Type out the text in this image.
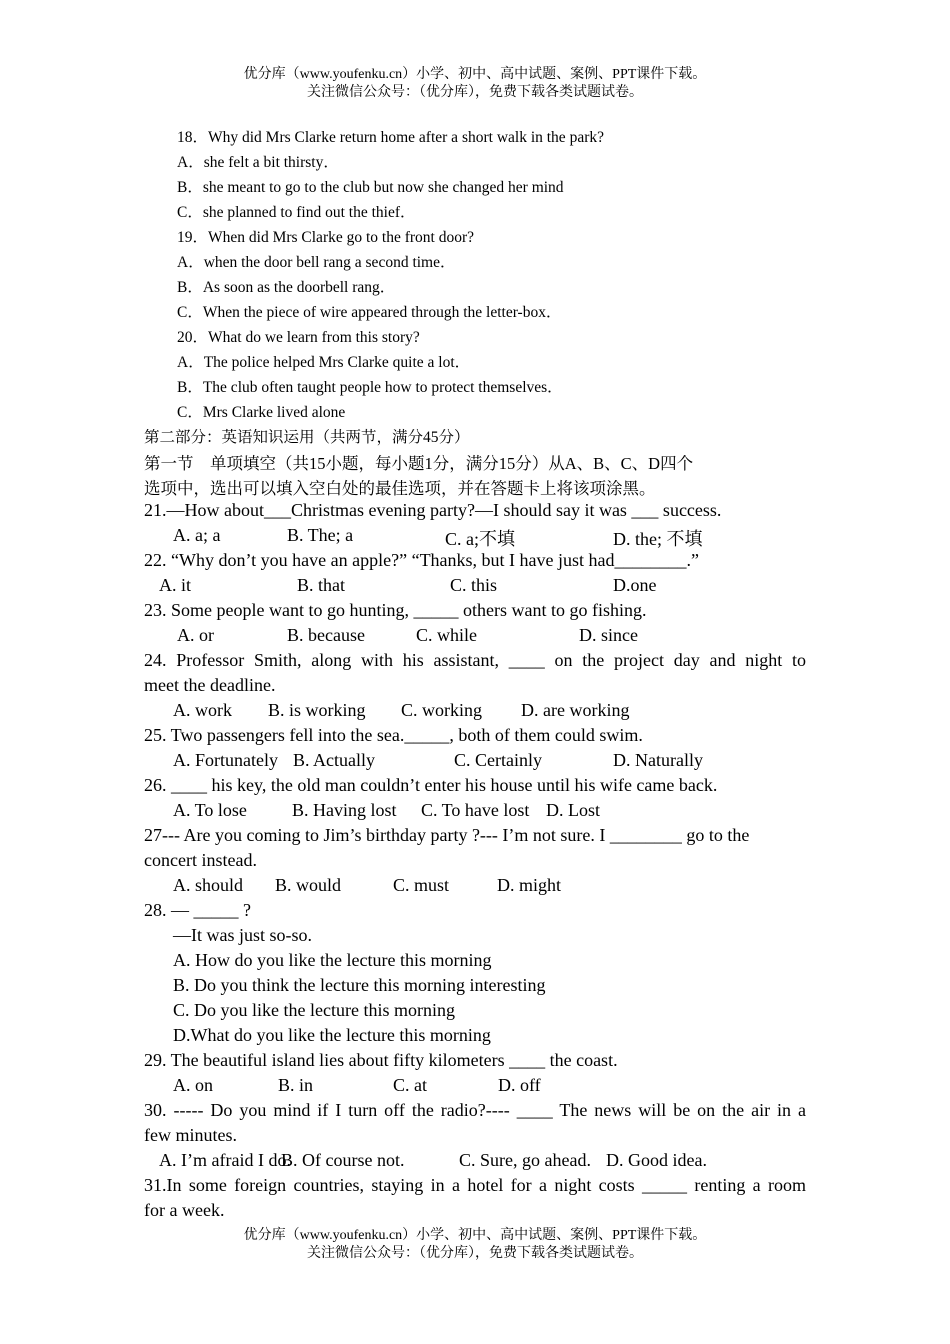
优分库（www.youfenku.cn）小学、初中、高中试题、案例、PPT课件下载。
关注微信公众号：（优分库），免费下载各类试题试卷。
18．Why did Mrs Clarke return home after a short walk in the park?
A．she felt a bit thirsty．
B．she meant to go to the club but now she changed her mind
C．she planned to find out the thief．
19．When did Mrs Clarke go to the front door?
A．when the door bell rang a second time．
B．As soon as the doorbell rang．
C．When the piece of wire appeared through the letter-box．
20．What do we learn from this story?
A．The police helped Mrs Clarke quite a lot．
B．The club often taught people how to protect themselves．
C．Mrs Clarke lived alone
第二部分：英语知识运用（共两节，满分45分）
第一节　单项填空（共15小题，每小题1分，满分15分）从A、B、C、D四个
选项中，选出可以填入空白处的最佳选项，并在答题卡上将该项涂黑。
21.—How about___Christmas evening party?—I should say it was ___ success.
A. a; a	B. The; a	C. a;不填	D. the; 不填
22. “Why don’t you have an apple?” “Thanks, but I have just had________.”
A. it	B. that	C. this	D.one
23. Some people want to go hunting, _____ others want to go fishing.
A. or	B. because	C. while	D. since
24. Professor Smith, along with his assistant, ____ on the project day and night to
meet the deadline.
A. work B. is working C. working D. are working
25. Two passengers fell into the sea._____, both of them could swim.
A. Fortunately B. Actually	C. Certainly	D. Naturally
26. ____ his key, the old man couldn’t enter his house until his wife came back.
A. To lose	B. Having lost C. To have lost D. Lost
27--- Are you coming to Jim’s birthday party ?--- I’m not sure. I ________ go to the
concert instead.
A. should B. would	C. must	D. might
28. — _____ ?
—It was just so-so.
A. How do you like the lecture this morning
B. Do you think the lecture this morning interesting
C. Do you like the lecture this morning
D.What do you like the lecture this morning
29. The beautiful island lies about fifty kilometers ____ the coast.
A. on	B. in	C. at	D. off
30. ----- Do you mind if I turn off the radio?---- ____ The news will be on the air in a
few minutes.
A. I’m afraid I do.
B. Of course not.	C. Sure, go ahead. D. Good idea.
31.In some foreign countries, staying in a hotel for a night costs _____ renting a room
for a week.
优分库（www.youfenku.cn）小学、初中、高中试题、案例、PPT课件下载。
关注微信公众号：（优分库），免费下载各类试题试卷。
